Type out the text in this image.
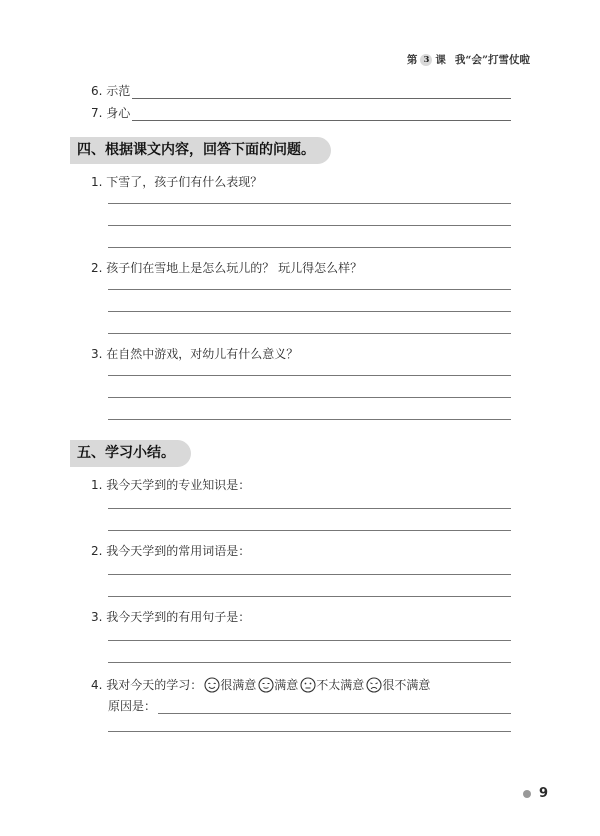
第 3 课 我“会”打雪仗啦
6. 示范
7. 身心
四、根据课文内容，回答下面的问题。
1. 下雪了，孩子们有什么表现？
2. 孩子们在雪地上是怎么玩儿的？ 玩儿得怎么样？
3. 在自然中游戏，对幼儿有什么意义？
五、学习小结。
1. 我今天学到的专业知识是：
2. 我今天学到的常用词语是：
3. 我今天学到的有用句子是：
4. 我对今天的学习： 很满意 满意 不太满意 很不满意
原因是：
9
